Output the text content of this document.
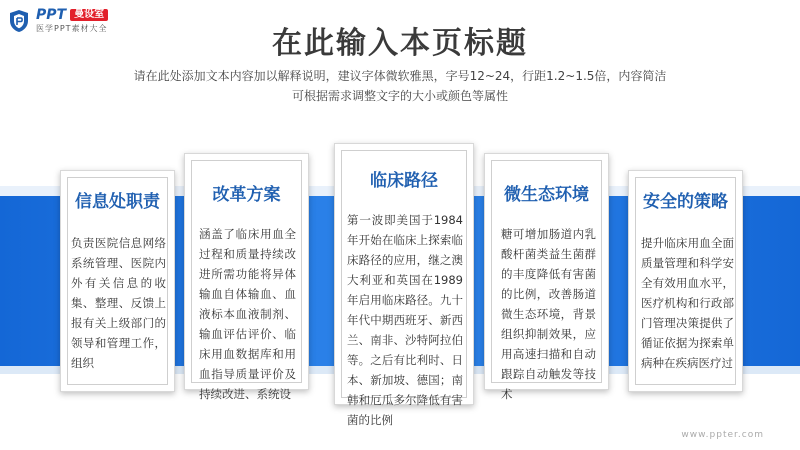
PPT 曼设室
医学PPT素材大全	在此输入本页标题
请在此处添加文本内容加以解释说明，建议字体微软雅黑，字号12~24，行距1.2~1.5倍，内容简洁
可根据需求调整文字的大小或颜色等属性
信息处职责

负责医院信息网络系统管理、医院内外有关信息的收集、整理、反馈上报有关上级部门的领导和管理工作，组织

改革方案

涵盖了临床用血全过程和质量持续改进所需功能将异体输血自体输血、血液标本血液制剂、输血评估评价、临床用血数据库和用血指导质量评价及持续改进、系统设

临床路径

第一波即美国于1984年开始在临床上探索临床路径的应用，继之澳大利亚和英国在1989年启用临床路径。九十年代中期西班牙、新西兰、南非、沙特阿拉伯等。之后有比利时、日本、新加坡、德国；南韩和厄瓜多尔降低有害菌的比例

微生态环境

糖可增加肠道内乳酸杆菌类益生菌群的丰度降低有害菌的比例，改善肠道微生态环境，背景组织抑制效果，应用高速扫描和自动跟踪自动触发等技术

安全的策略

提升临床用血全面质量管理和科学安全有效用血水平，医疗机构和行政部门管理决策提供了循证依据为探索单病种在疾病医疗过

www.ppter.com
